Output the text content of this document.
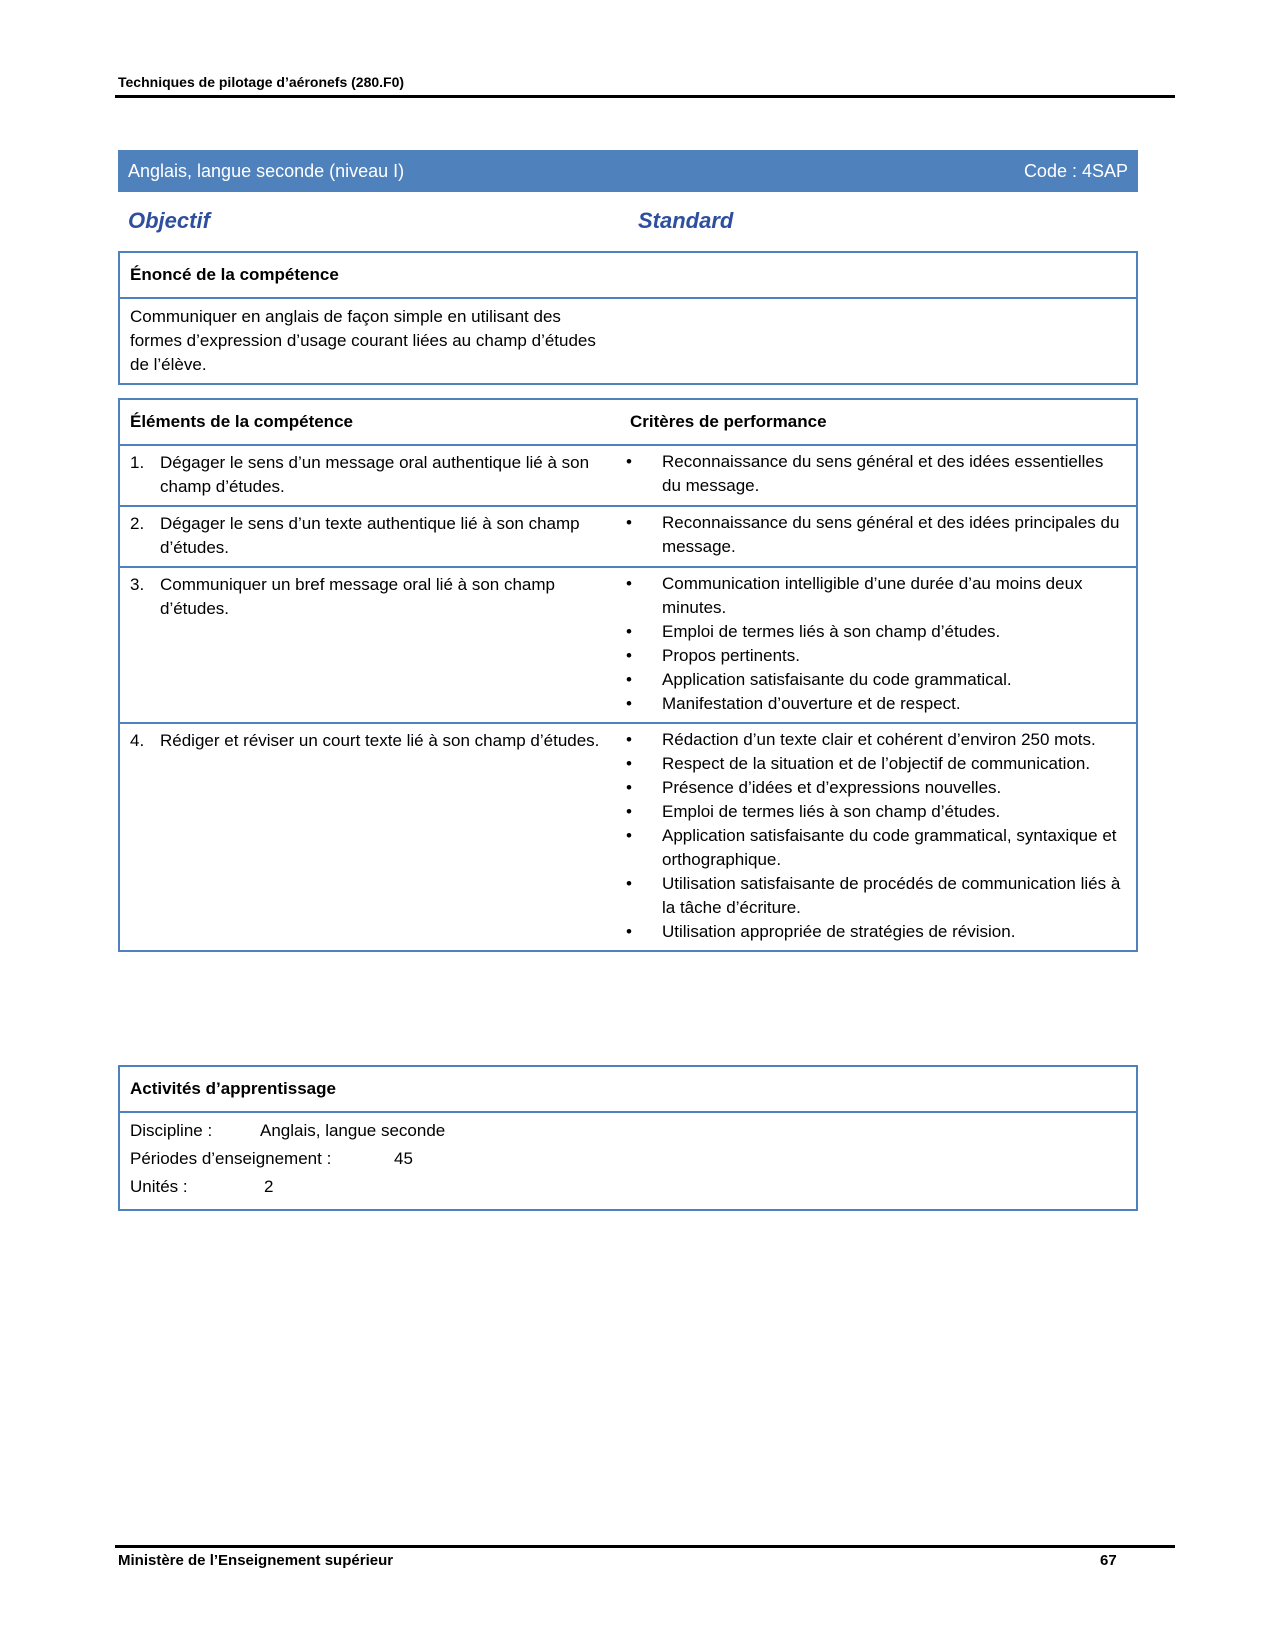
Techniques de pilotage d’aéronefs (280.F0)
Anglais, langue seconde (niveau I)	Code : 4SAP
Objectif	Standard
Énoncé de la compétence
Communiquer en anglais de façon simple en utilisant des formes d’expression d’usage courant liées au champ d’études de l’élève.
Éléments de la compétence	Critères de performance
1. Dégager le sens d’un message oral authentique lié à son champ d’études.
•	Reconnaissance du sens général et des idées essentielles du message.
2. Dégager le sens d’un texte authentique lié à son champ d’études.
•	Reconnaissance du sens général et des idées principales du message.
3. Communiquer un bref message oral lié à son champ d’études.
•	Communication intelligible d’une durée d’au moins deux minutes.
•	Emploi de termes liés à son champ d’études.
•	Propos pertinents.
•	Application satisfaisante du code grammatical.
•	Manifestation d’ouverture et de respect.
4. Rédiger et réviser un court texte lié à son champ d’études.	•	Rédaction d’un texte clair et cohérent d’environ 250 mots.
•	Respect de la situation et de l’objectif de communication.
•	Présence d’idées et d’expressions nouvelles.
•	Emploi de termes liés à son champ d’études.
•	Application satisfaisante du code grammatical, syntaxique et orthographique.
•	Utilisation satisfaisante de procédés de communication liés à la tâche d’écriture.
•	Utilisation appropriée de stratégies de révision.
Activités d’apprentissage
Discipline :	Anglais, langue seconde
Périodes d’enseignement :	45
Unités :	2
Ministère de l’Enseignement supérieur	67
